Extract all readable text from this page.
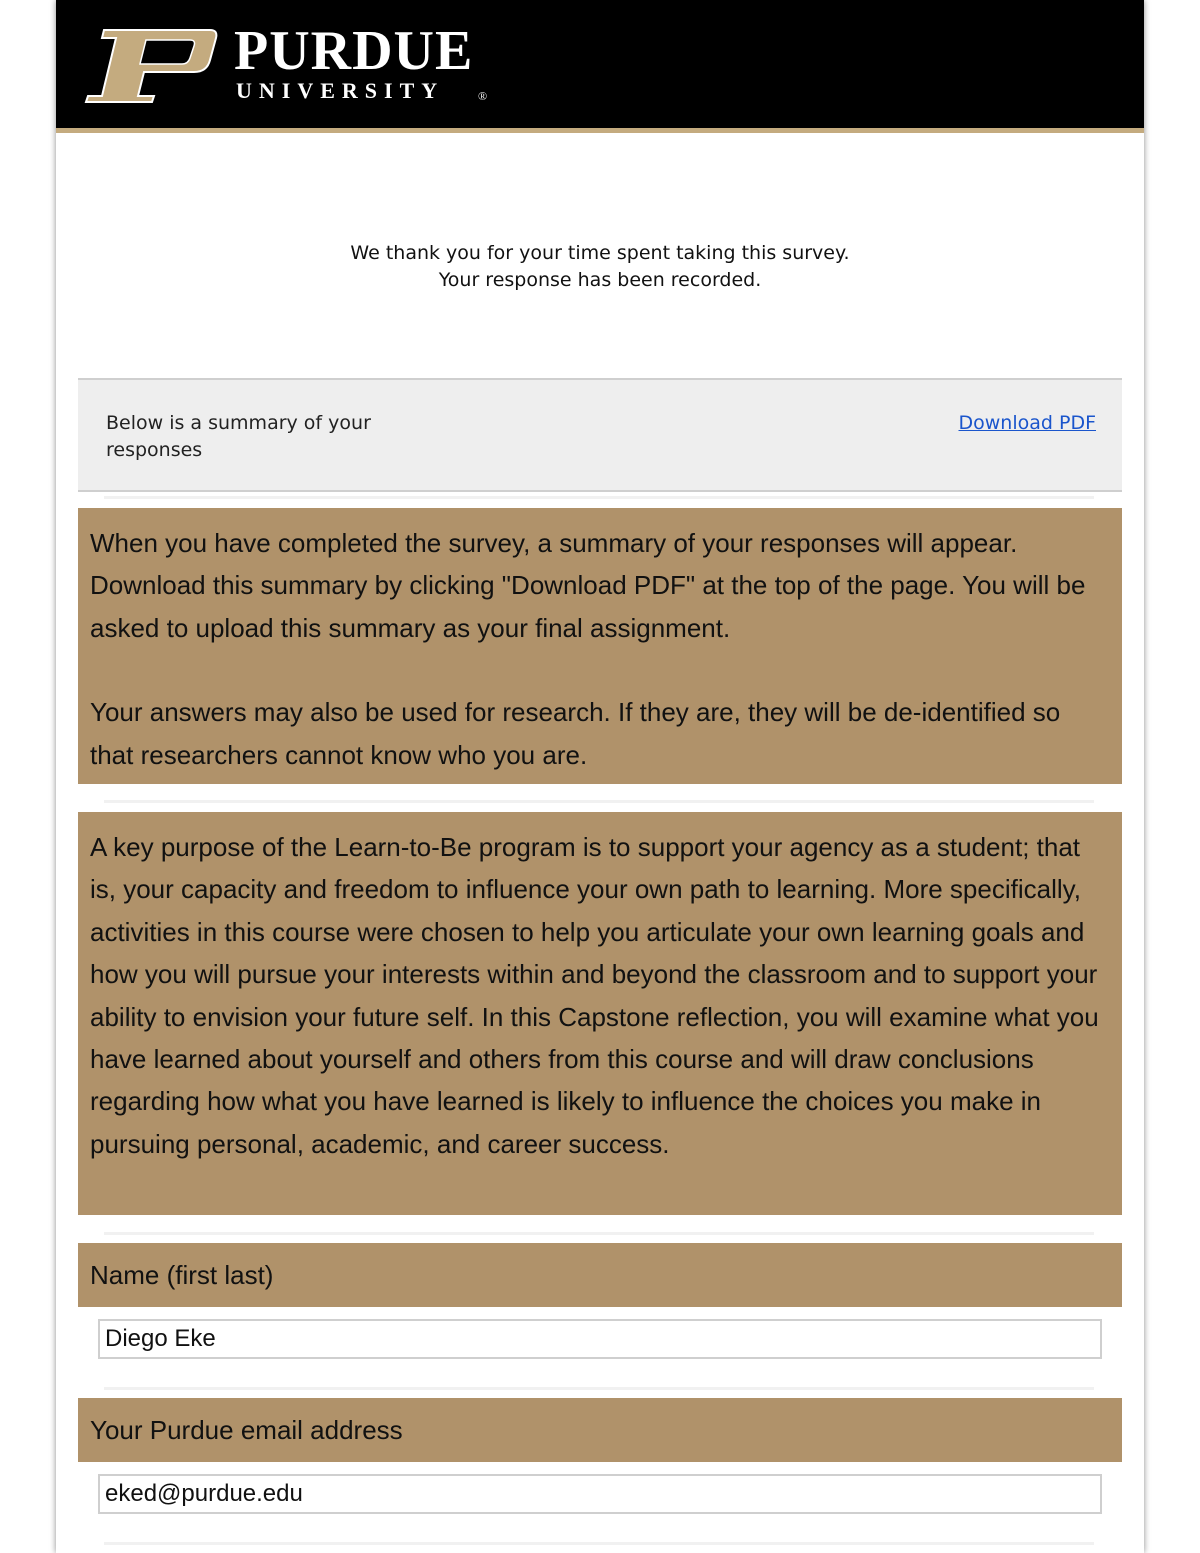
PURDUE
UNIVERSITY	®
We thank you for your time spent taking this survey.
Your response has been recorded.
Below is a summary of your responses
Download PDF

When you have completed the survey, a summary of your responses will appear. Download this summary by clicking "Download PDF" at the top of the page. You will be asked to upload this summary as your final assignment.

Your answers may also be used for research. If they are, they will be de-identified so that researchers cannot know who you are.

A key purpose of the Learn-to-Be program is to support your agency as a student; that is, your capacity and freedom to influence your own path to learning. More specifically, activities in this course were chosen to help you articulate your own learning goals and how you will pursue your interests within and beyond the classroom and to support your ability to envision your future self. In this Capstone reflection, you will examine what you have learned about yourself and others from this course and will draw conclusions regarding how what you have learned is likely to influence the choices you make in pursuing personal, academic, and career success.

Name (first last)
Diego Eke
Your Purdue email address
eked@purdue.edu
